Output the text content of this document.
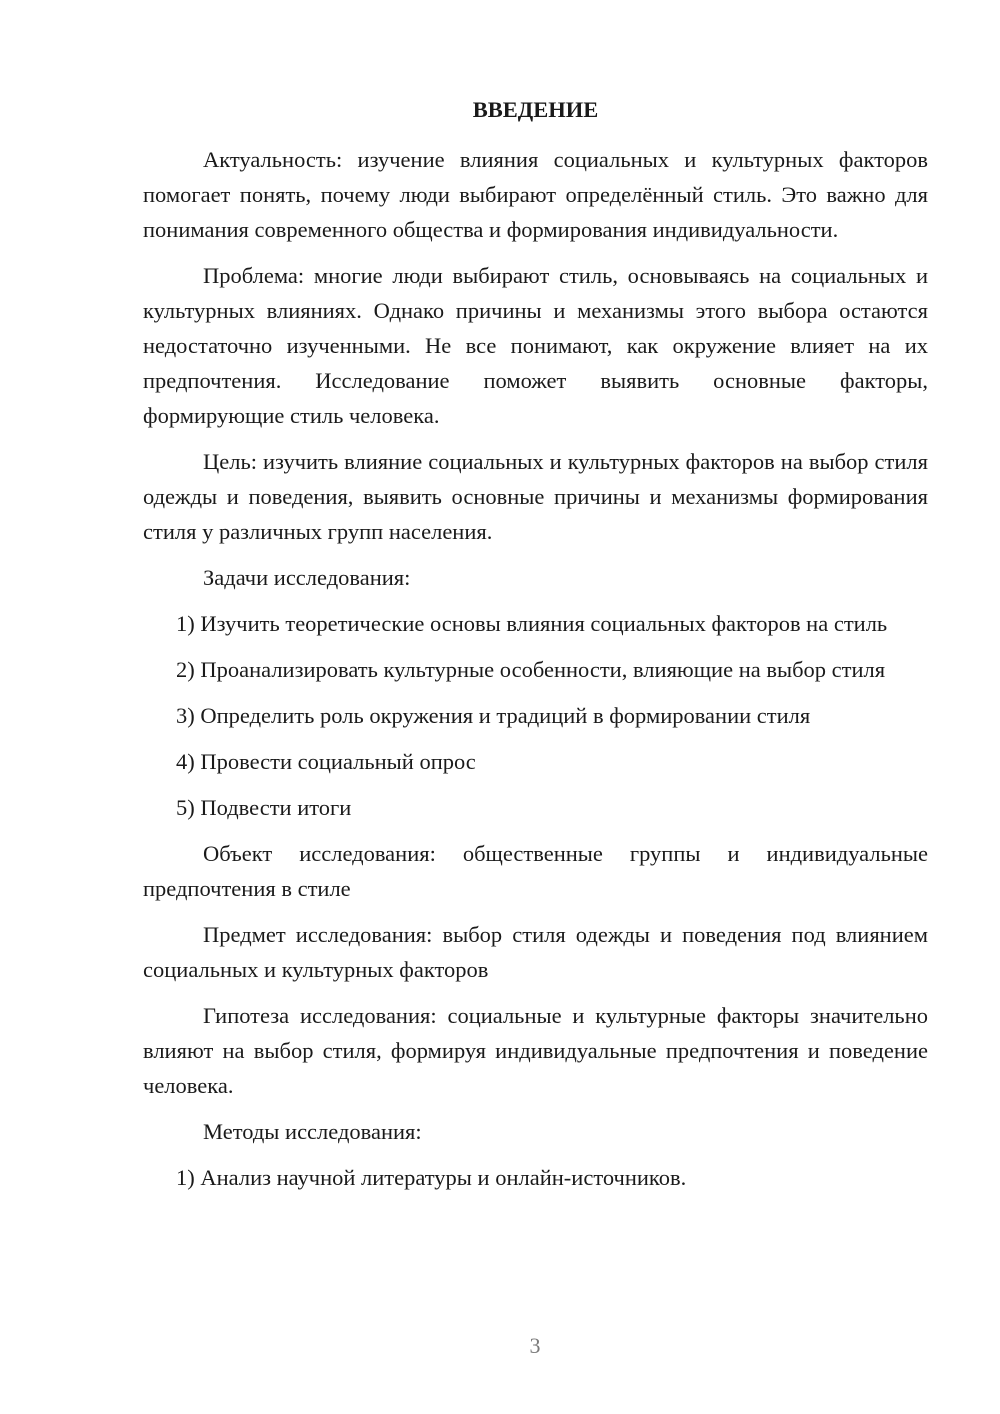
ВВЕДЕНИЕ

Актуальность: изучение влияния социальных и культурных факторов помогает понять, почему люди выбирают определённый стиль. Это важно для понимания современного общества и формирования индивидуальности.

Проблема: многие люди выбирают стиль, основываясь на социальных и культурных влияниях. Однако причины и механизмы этого выбора остаются недостаточно изученными. Не все понимают, как окружение влияет на их предпочтения. Исследование поможет выявить основные факторы, формирующие стиль человека.

Цель: изучить влияние социальных и культурных факторов на выбор стиля одежды и поведения, выявить основные причины и механизмы формирования стиля у различных групп населения.

Задачи исследования:

1) Изучить теоретические основы влияния социальных факторов на стиль

2) Проанализировать культурные особенности, влияющие на выбор стиля

3) Определить роль окружения и традиций в формировании стиля

4) Провести социальный опрос

5) Подвести итоги

Объект исследования: общественные группы и индивидуальные предпочтения в стиле

Предмет исследования: выбор стиля одежды и поведения под влиянием социальных и культурных факторов

Гипотеза исследования: социальные и культурные факторы значительно влияют на выбор стиля, формируя индивидуальные предпочтения и поведение человека.

Методы исследования:

1) Анализ научной литературы и онлайн-источников.

3
